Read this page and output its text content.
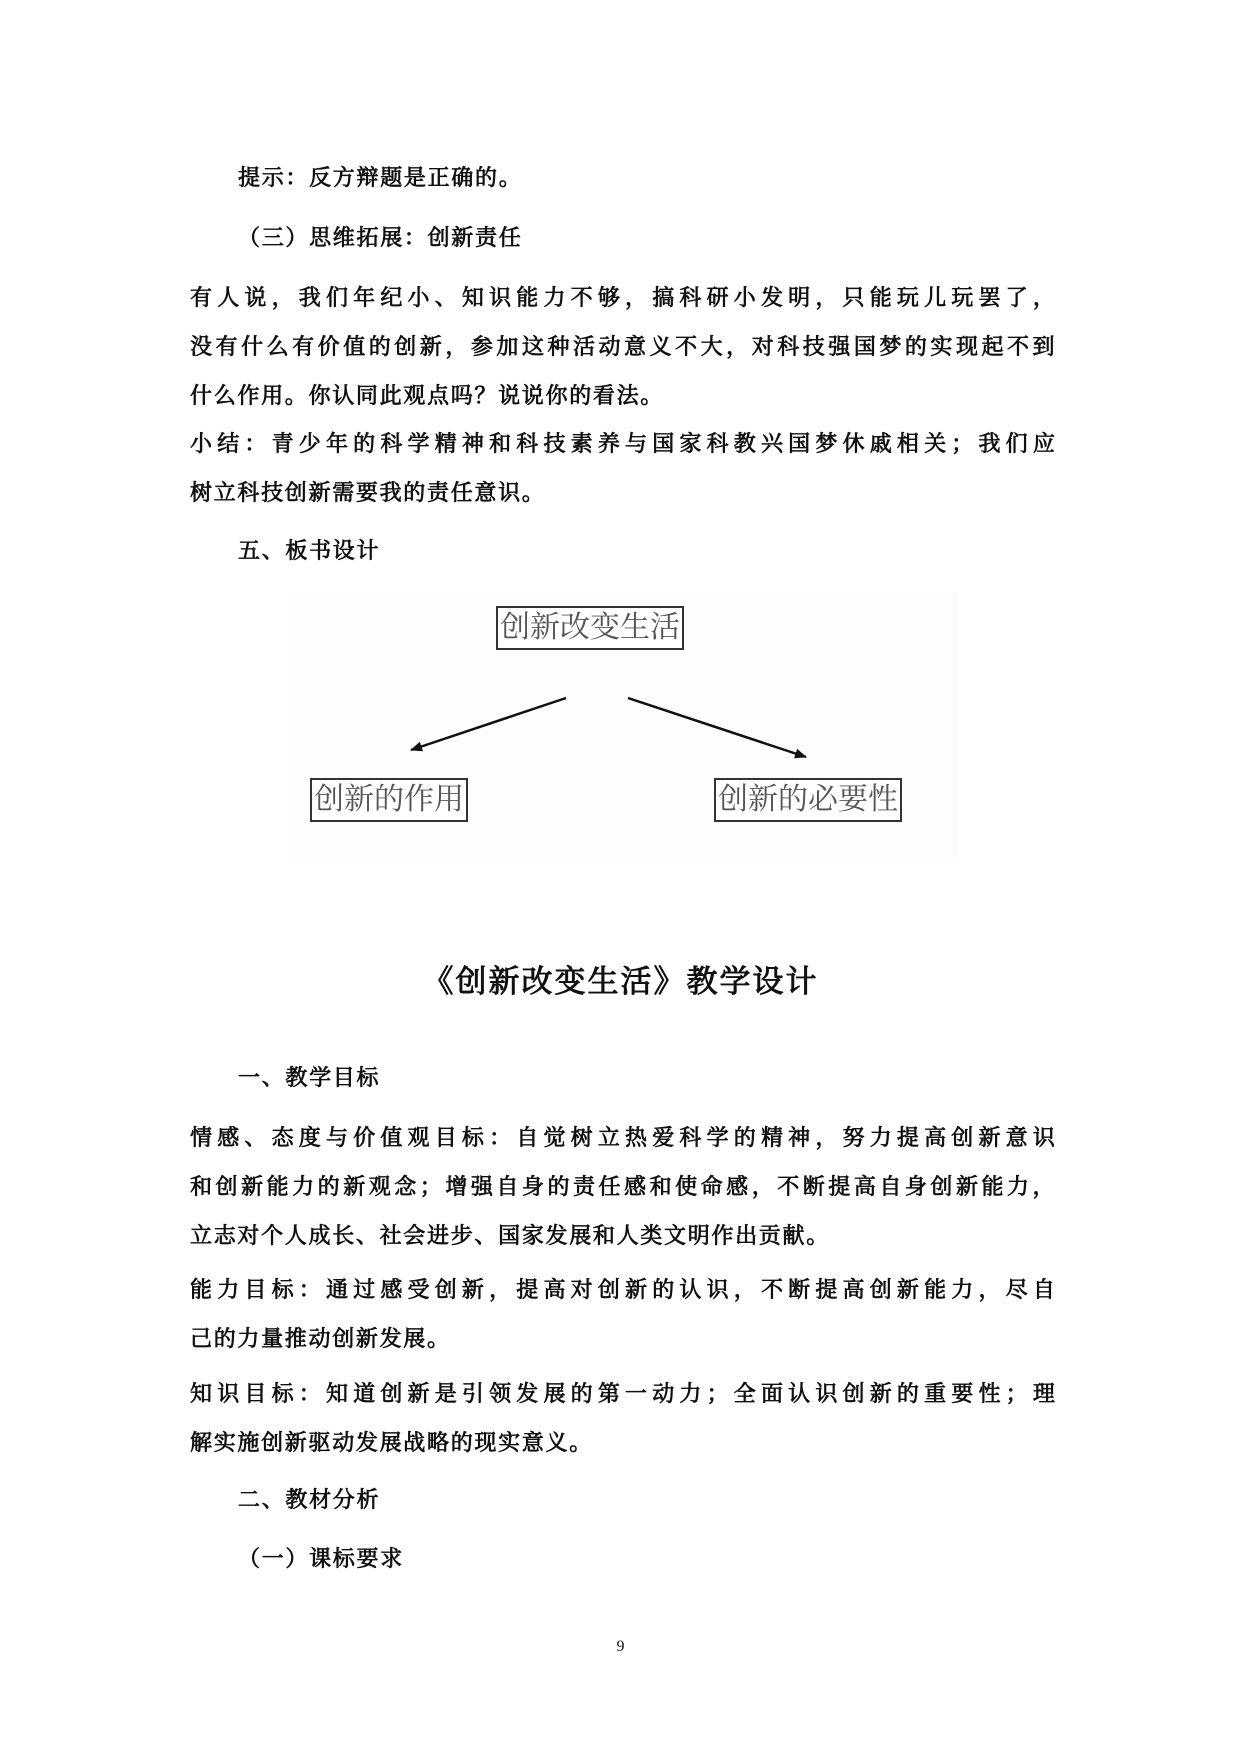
提示：反方辩题是正确的。
（三）思维拓展：创新责任
有 人 说 ， 我 们 年 纪 小 、 知 识 能 力 不 够 ， 搞 科 研 小 发 明 ， 只 能 玩 儿 玩 罢 了 ，
没 有 什 么 有 价 值 的 创 新 ， 参 加 这 种 活 动 意 义 不 大 ， 对 科 技 强 国 梦 的 实 现 起 不 到
什么作用。你认同此观点吗？说说你的看法。
小 结 ： 青 少 年 的 科 学 精 神 和 科 技 素 养 与 国 家 科 教 兴 国 梦 休 戚 相 关 ； 我 们 应
树立科技创新需要我的责任意识。
五、板书设计
创新改变生活
创新的作用	创新的必要性
《创新改变生活》教学设计
一、教学目标
情 感 、 态 度 与 价 值 观 目 标 ： 自 觉 树 立 热 爱 科 学 的 精 神 ， 努 力 提 高 创 新 意 识
和 创 新 能 力 的 新 观 念 ； 增 强 自 身 的 责 任 感 和 使 命 感 ， 不 断 提 高 自 身 创 新 能 力 ，
立志对个人成长、社会进步、国家发展和人类文明作出贡献。
能 力 目 标 ： 通 过 感 受 创 新 ， 提 高 对 创 新 的 认 识 ， 不 断 提 高 创 新 能 力 ， 尽 自
己的力量推动创新发展。
知 识 目 标 ： 知 道 创 新 是 引 领 发 展 的 第 一 动 力 ； 全 面 认 识 创 新 的 重 要 性 ； 理
解实施创新驱动发展战略的现实意义。
二、教材分析
（一）课标要求
9
